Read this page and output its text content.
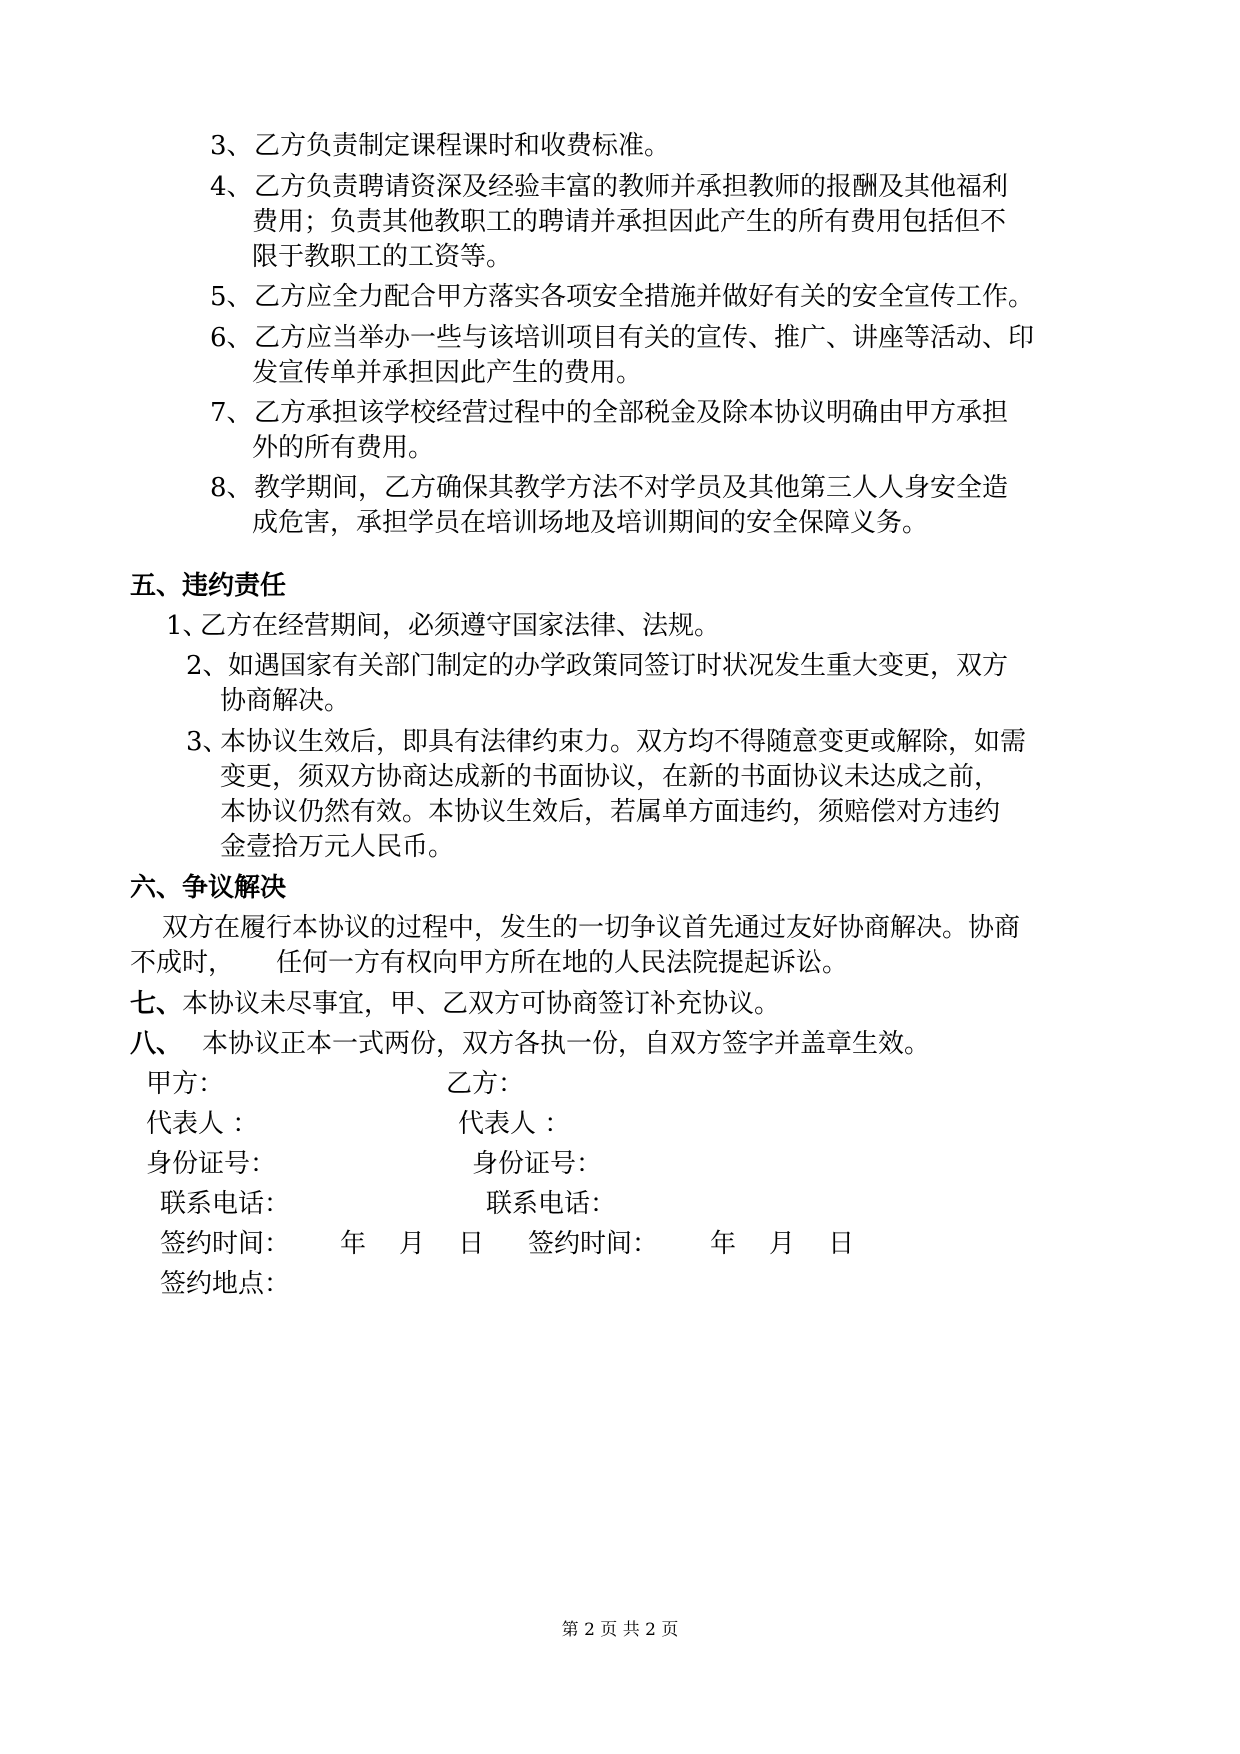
3、乙方负责制定课程课时和收费标准。
4、乙方负责聘请资深及经验丰富的教师并承担教师的报酬及其他福利
费用；负责其他教职工的聘请并承担因此产生的所有费用包括但不
限于教职工的工资等。
5、乙方应全力配合甲方落实各项安全措施并做好有关的安全宣传工作。
6、乙方应当举办一些与该培训项目有关的宣传、推广、讲座等活动、印
发宣传单并承担因此产生的费用。
7、乙方承担该学校经营过程中的全部税金及除本协议明确由甲方承担
外的所有费用。
8、教学期间，乙方确保其教学方法不对学员及其他第三人人身安全造
成危害，承担学员在培训场地及培训期间的安全保障义务。
五、违约责任
1、乙方在经营期间，必须遵守国家法律、法规。
2、如遇国家有关部门制定的办学政策同签订时状况发生重大变更，双方
协商解决。
3、本协议生效后，即具有法律约束力。双方均不得随意变更或解除，如需
变更，须双方协商达成新的书面协议，在新的书面协议未达成之前，
本协议仍然有效。本协议生效后，若属单方面违约，须赔偿对方违约
金壹拾万元人民币。
六、争议解决
双方在履行本协议的过程中，发生的一切争议首先通过友好协商解决。协商
不成时， 任何一方有权向甲方所在地的人民法院提起诉讼。
七、本协议未尽事宜，甲、乙双方可协商签订补充协议。
八、 本协议正本一式两份，双方各执一份，自双方签字并盖章生效。
甲方：	乙方：
代表人 ：	代表人 ：
身份证号：	身份证号：
联系电话：	联系电话：
签约时间： 年    月    日 签约时间： 年    月    日
签约地点：
第 2 页 共 2 页
